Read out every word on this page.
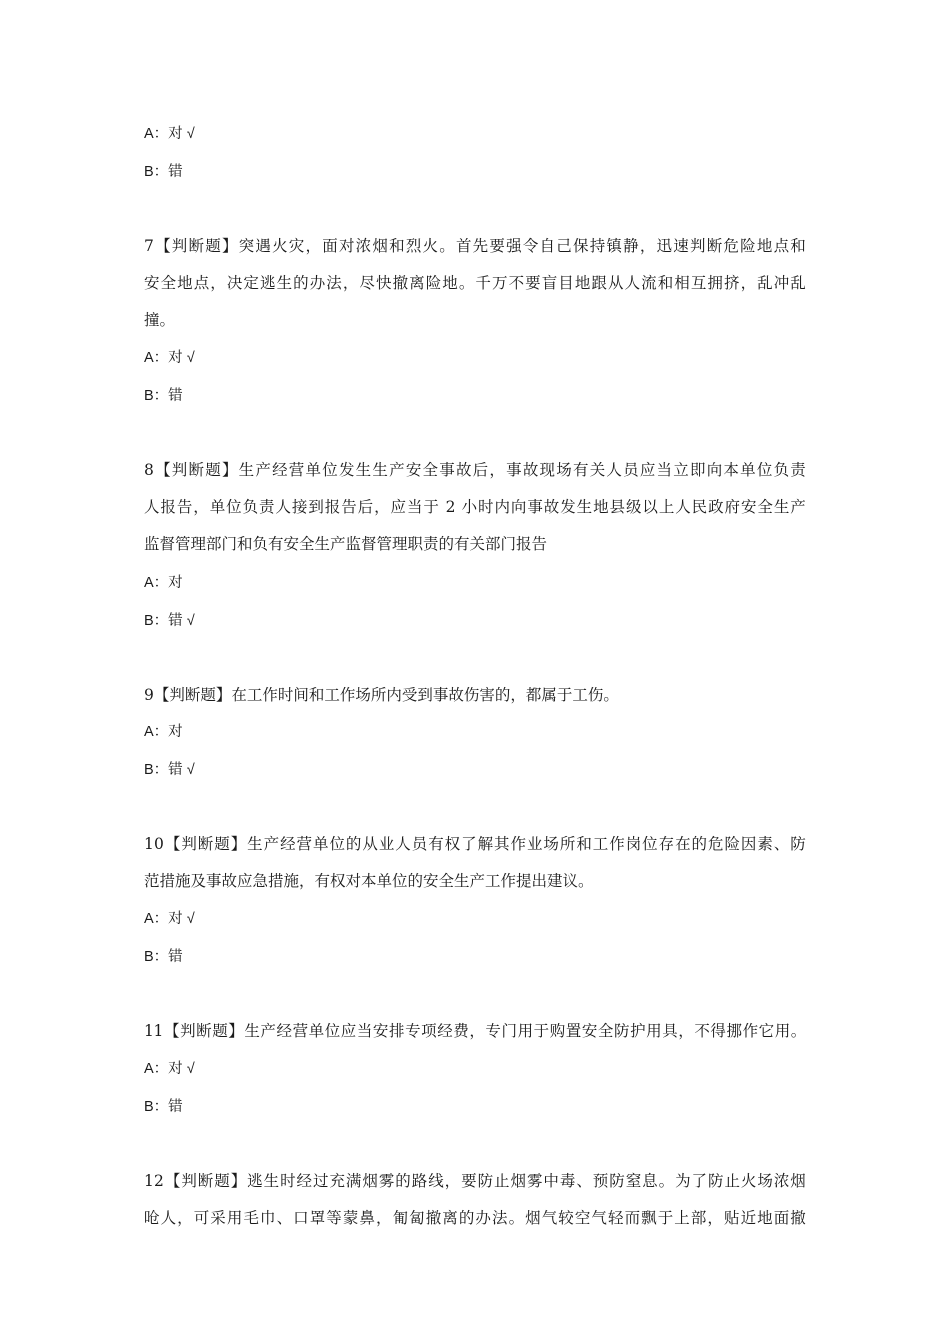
A：对 √
B：错
7【判断题】突遇火灾，面对浓烟和烈火。首先要强令自己保持镇静，迅速判断危险地点和
安全地点，决定逃生的办法，尽快撤离险地。千万不要盲目地跟从人流和相互拥挤，乱冲乱
撞。
A：对 √
B：错
8【判断题】生产经营单位发生生产安全事故后，事故现场有关人员应当立即向本单位负责
人报告，单位负责人接到报告后，应当于 2 小时内向事故发生地县级以上人民政府安全生产
监督管理部门和负有安全生产监督管理职责的有关部门报告
A：对
B：错 √
9【判断题】在工作时间和工作场所内受到事故伤害的，都属于工伤。
A：对
B：错 √
10【判断题】生产经营单位的从业人员有权了解其作业场所和工作岗位存在的危险因素、防
范措施及事故应急措施，有权对本单位的安全生产工作提出建议。
A：对 √
B：错
11【判断题】生产经营单位应当安排专项经费，专门用于购置安全防护用具，不得挪作它用。
A：对 √
B：错
12【判断题】逃生时经过充满烟雾的路线，要防止烟雾中毒、预防窒息。为了防止火场浓烟
呛人，可采用毛巾、口罩等蒙鼻，匍匐撤离的办法。烟气较空气轻而飘于上部，贴近地面撤
